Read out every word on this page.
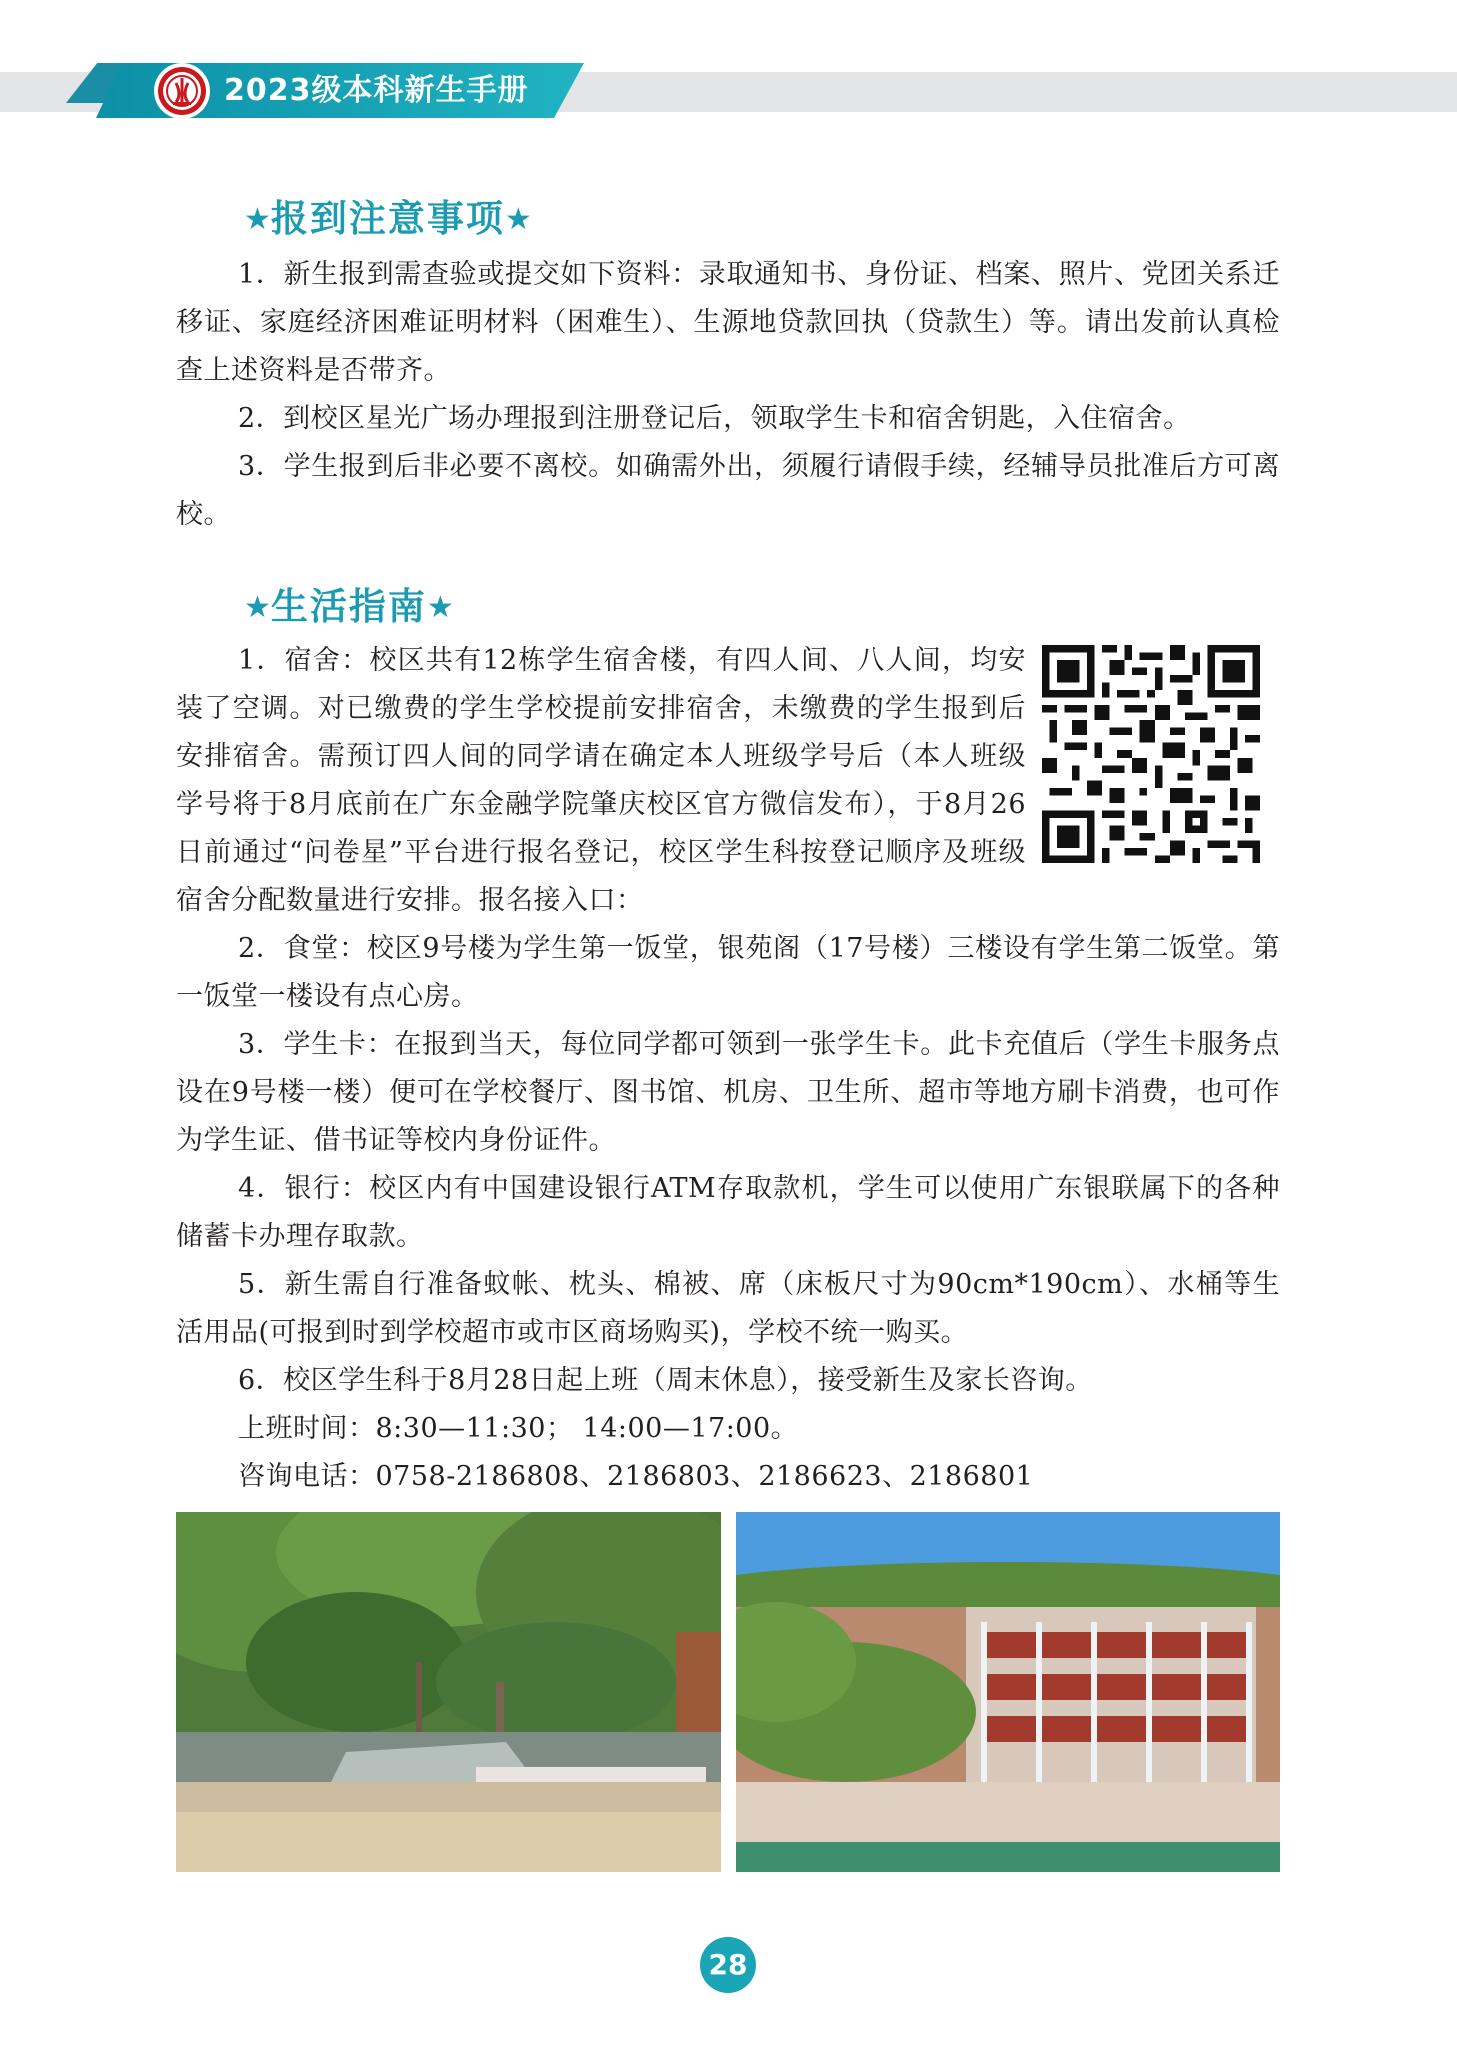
2023级本科新生手册
★报到注意事项★

1．新生报到需查验或提交如下资料：录取通知书、身份证、档案、照片、党团关系迁移证、家庭经济困难证明材料（困难生）、生源地贷款回执（贷款生）等。请出发前认真检查上述资料是否带齐。

2．到校区星光广场办理报到注册登记后，领取学生卡和宿舍钥匙，入住宿舍。

3．学生报到后非必要不离校。如确需外出，须履行请假手续，经辅导员批准后方可离校。

★生活指南★

1．宿舍：校区共有12栋学生宿舍楼，有四人间、八人间，均安装了空调。对已缴费的学生学校提前安排宿舍，未缴费的学生报到后安排宿舍。需预订四人间的同学请在确定本人班级学号后（本人班级学号将于8月底前在广东金融学院肇庆校区官方微信发布），于8月26日前通过“问卷星”平台进行报名登记，校区学生科按登记顺序及班级宿舍分配数量进行安排。报名接入口：

2．食堂：校区9号楼为学生第一饭堂，银苑阁（17号楼）三楼设有学生第二饭堂。第一饭堂一楼设有点心房。

3．学生卡：在报到当天，每位同学都可领到一张学生卡。此卡充值后（学生卡服务点设在9号楼一楼）便可在学校餐厅、图书馆、机房、卫生所、超市等地方刷卡消费，也可作为学生证、借书证等校内身份证件。

4．银行：校区内有中国建设银行ATM存取款机，学生可以使用广东银联属下的各种储蓄卡办理存取款。

5．新生需自行准备蚊帐、枕头、棉被、席（床板尺寸为90cm*190cm）、水桶等生活用品(可报到时到学校超市或市区商场购买)，学校不统一购买。

6．校区学生科于8月28日起上班（周末休息），接受新生及家长咨询。

上班时间：8:30—11:30； 14:00—17:00。

咨询电话：0758-2186808、2186803、2186623、2186801

28
